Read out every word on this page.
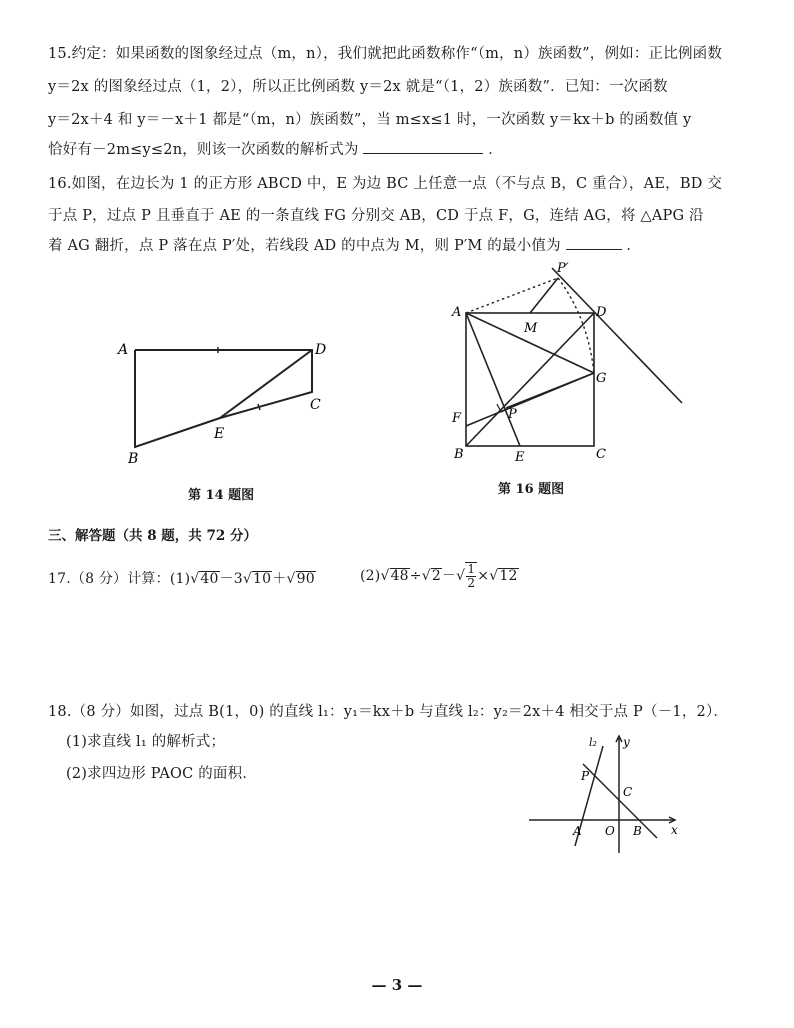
15.约定：如果函数的图象经过点（m，n），我们就把此函数称作“（m，n）族函数”，例如：正比例函数
y＝2x 的图象经过点（1，2），所以正比例函数 y＝2x 就是“（1，2）族函数”．已知：一次函数
y＝2x＋4 和 y＝－x＋1 都是“（m，n）族函数”，当 m≤x≤1 时，一次函数 y＝kx＋b 的函数值 y
恰好有－2m≤y≤2n，则该一次函数的解析式为	．
16.如图，在边长为 1 的正方形 ABCD 中，E 为边 BC 上任意一点（不与点 B，C 重合），AE，BD 交
于点 P，过点 P 且垂直于 AE 的一条直线 FG 分别交 AB，CD 于点 F，G，连结 AG，将 △APG 沿
着 AG 翻折，点 P 落在点 P′处，若线段 AD 的中点为 M，则 P′M 的最小值为	．
A	D
C
E
B
第 14 题图
P′
A	D
M
G
F	P
B	E	C
第 16 题图
三、解答题（共 8 题，共 72 分）
17.（8 分）计算：(1)√40－3√10＋√90	$(2)√48\div√2-√ \frac{1}{2} \times√12$
18.（8 分）如图，过点 B(1，0) 的直线 l₁：y₁＝kx＋b 与直线 l₂：y₂＝2x＋4 相交于点 P（－1，2）．
(1)求直线 l₁ 的解析式；
(2)求四边形 PAOC 的面积．
l₂ y
P
C
A O B x
— 3 —
